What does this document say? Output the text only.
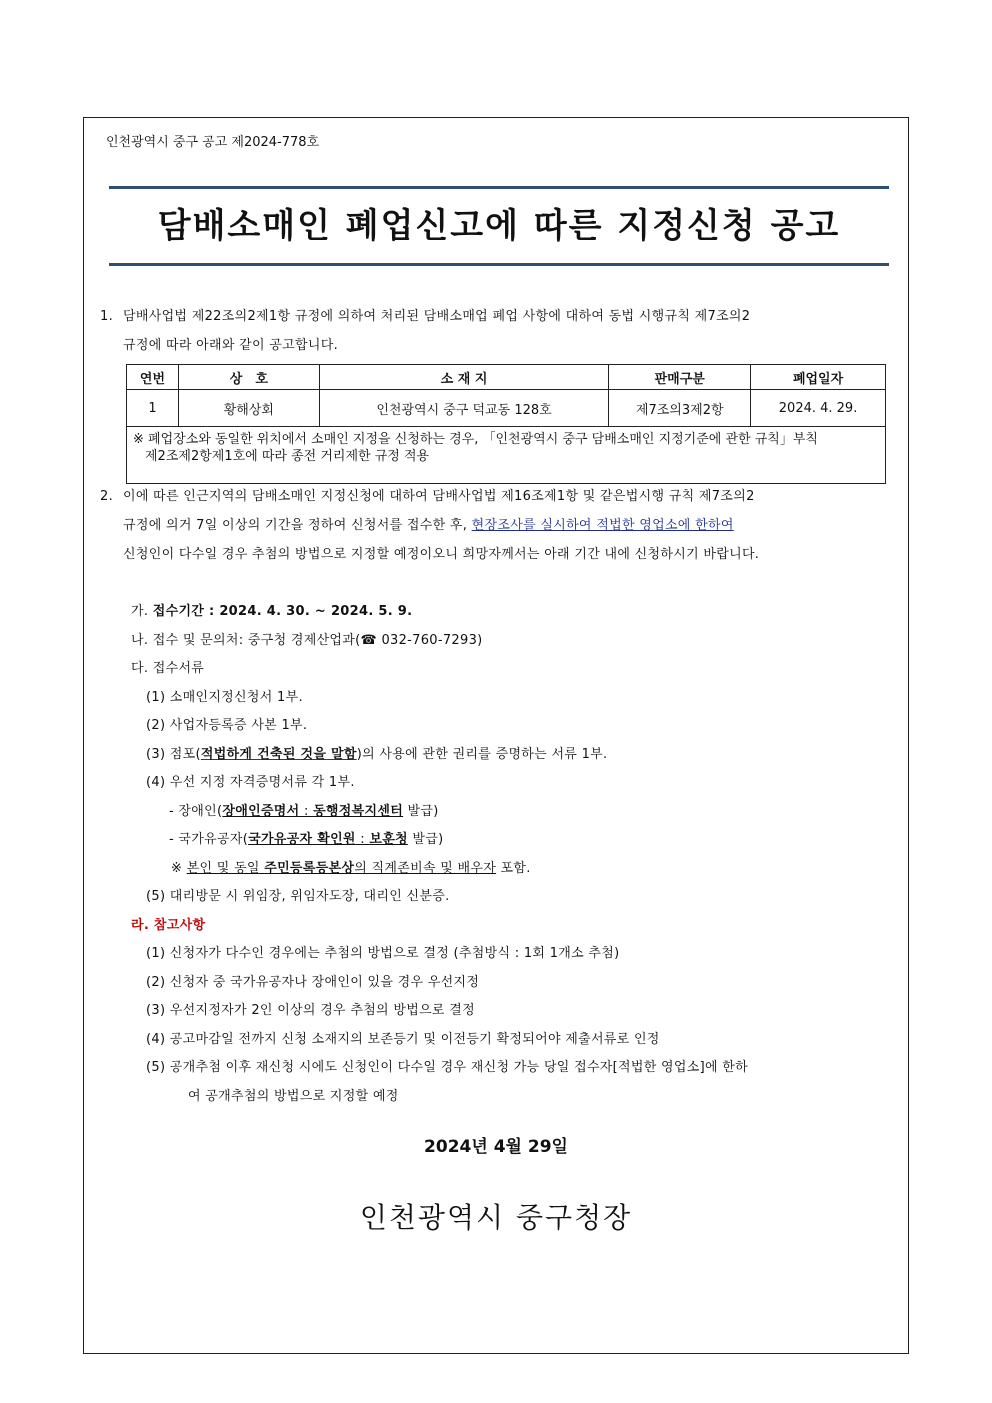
인천광역시 중구 공고 제2024-778호
담배소매인 폐업신고에 따른 지정신청 공고
1. 담배사업법 제22조의2제1항 규정에 의하여 처리된 담배소매업 폐업 사항에 대하여 동법 시행규칙 제7조의2
규정에 따라 아래와 같이 공고합니다.
연번	상　호	소 재 지	판매구분	폐업일자
1	황해상회	인천광역시 중구 덕교동 128호	제7조의3제2항	2024. 4. 29.

※ 폐업장소와 동일한 위치에서 소매인 지정을 신청하는 경우, 「인천광역시 중구 담배소매인 지정기준에 관한 규칙」부칙
제2조제2항제1호에 따라 종전 거리제한 규정 적용				
2. 이에 따른 인근지역의 담배소매인 지정신청에 대하여 담배사업법 제16조제1항 및 같은법시행 규칙 제7조의2
규정에 의거 7일 이상의 기간을 정하여 신청서를 접수한 후, 현장조사를 실시하여 적법한 영업소에 한하여
신청인이 다수일 경우 추첨의 방법으로 지정할 예정이오니 희망자께서는 아래 기간 내에 신청하시기 바랍니다.
가. 접수기간 : 2024. 4. 30. ~ 2024. 5. 9.
나. 접수 및 문의처: 중구청 경제산업과(☎ 032-760-7293)
다. 접수서류
(1) 소매인지정신청서 1부.
(2) 사업자등록증 사본 1부.
(3) 점포(적법하게 건축된 것을 말함)의 사용에 관한 권리를 증명하는 서류 1부.
(4) 우선 지정 자격증명서류 각 1부.
- 장애인(장애인증명서 : 동행정복지센터 발급)
- 국가유공자(국가유공자 확인원 : 보훈청 발급)
※ 본인 및 동일 주민등록등본상의 직계존비속 및 배우자 포함.
(5) 대리방문 시 위임장, 위임자도장, 대리인 신분증.
라. 참고사항
(1) 신청자가 다수인 경우에는 추첨의 방법으로 결정 (추첨방식 : 1회 1개소 추첨)
(2) 신청자 중 국가유공자나 장애인이 있을 경우 우선지정
(3) 우선지정자가 2인 이상의 경우 추첨의 방법으로 결정
(4) 공고마감일 전까지 신청 소재지의 보존등기 및 이전등기 확정되어야 제출서류로 인정
(5) 공개추첨 이후 재신청 시에도 신청인이 다수일 경우 재신청 가능 당일 접수자[적법한 영업소]에 한하
여 공개추첨의 방법으로 지정할 예정
2024년 4월 29일
인천광역시 중구청장
